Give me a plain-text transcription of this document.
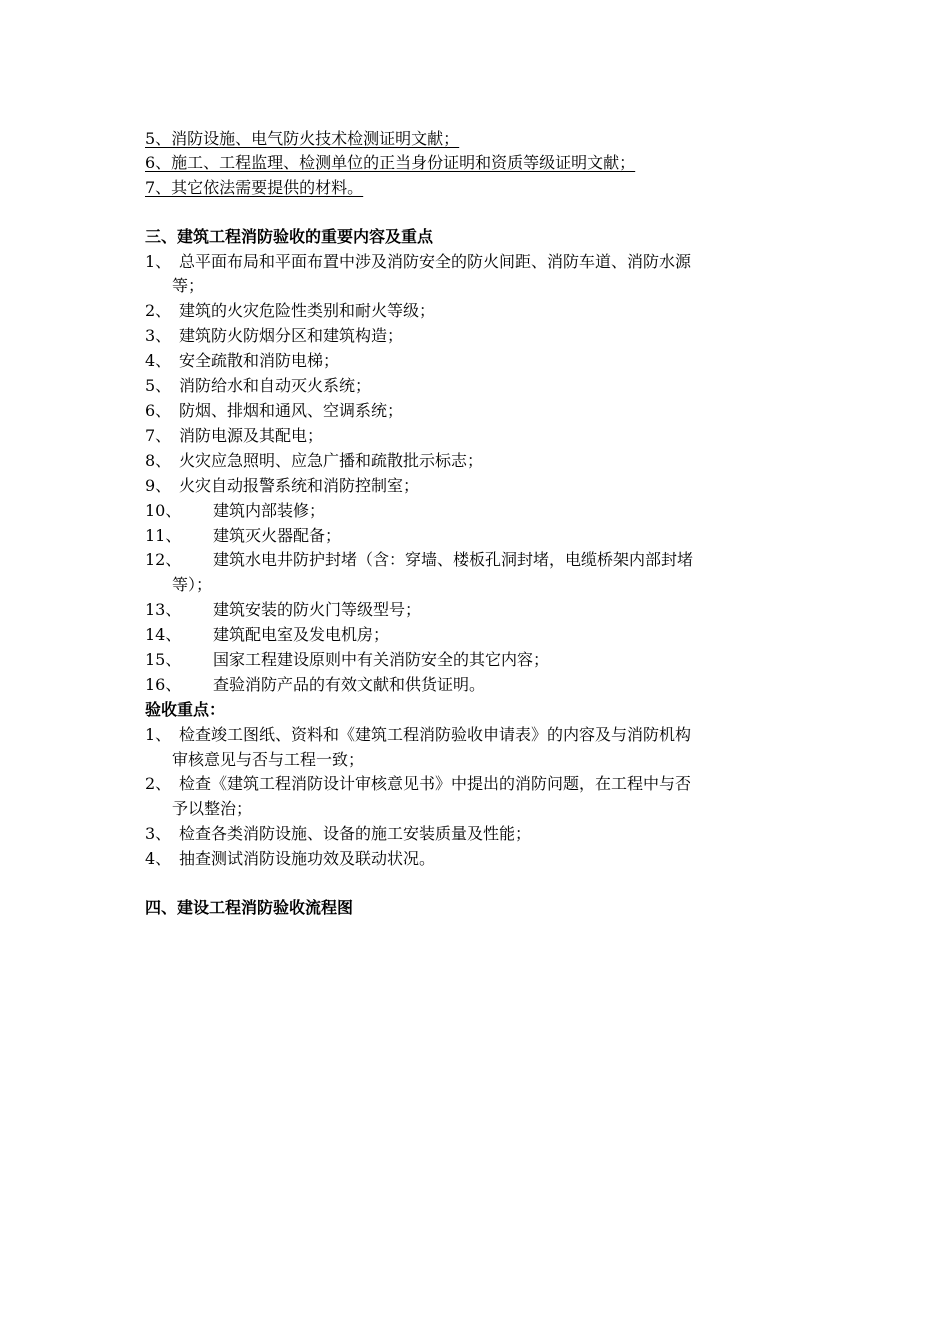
5、消防设施、电气防火技术检测证明文献；
6、施工、工程监理、检测单位的正当身份证明和资质等级证明文献；
7、其它依法需要提供的材料。
三、建筑工程消防验收的重要内容及重点
1、 总平面布局和平面布置中涉及消防安全的防火间距、消防车道、消防水源
等；
2、 建筑的火灾危险性类别和耐火等级；
3、 建筑防火防烟分区和建筑构造；
4、 安全疏散和消防电梯；
5、 消防给水和自动灭火系统；
6、 防烟、排烟和通风、空调系统；
7、 消防电源及其配电；
8、 火灾应急照明、应急广播和疏散批示标志；
9、 火灾自动报警系统和消防控制室；
10、 建筑内部装修；
11、 建筑灭火器配备；
12、 建筑水电井防护封堵（含：穿墙、楼板孔洞封堵，电缆桥架内部封堵
等）；
13、 建筑安装的防火门等级型号；
14、 建筑配电室及发电机房；
15、 国家工程建设原则中有关消防安全的其它内容；
16、 查验消防产品的有效文献和供货证明。
验收重点：
1、 检查竣工图纸、资料和《建筑工程消防验收申请表》的内容及与消防机构
审核意见与否与工程一致；
2、 检查《建筑工程消防设计审核意见书》中提出的消防问题，在工程中与否
予以整治；
3、 检查各类消防设施、设备的施工安装质量及性能；
4、 抽查测试消防设施功效及联动状况。
四、建设工程消防验收流程图
